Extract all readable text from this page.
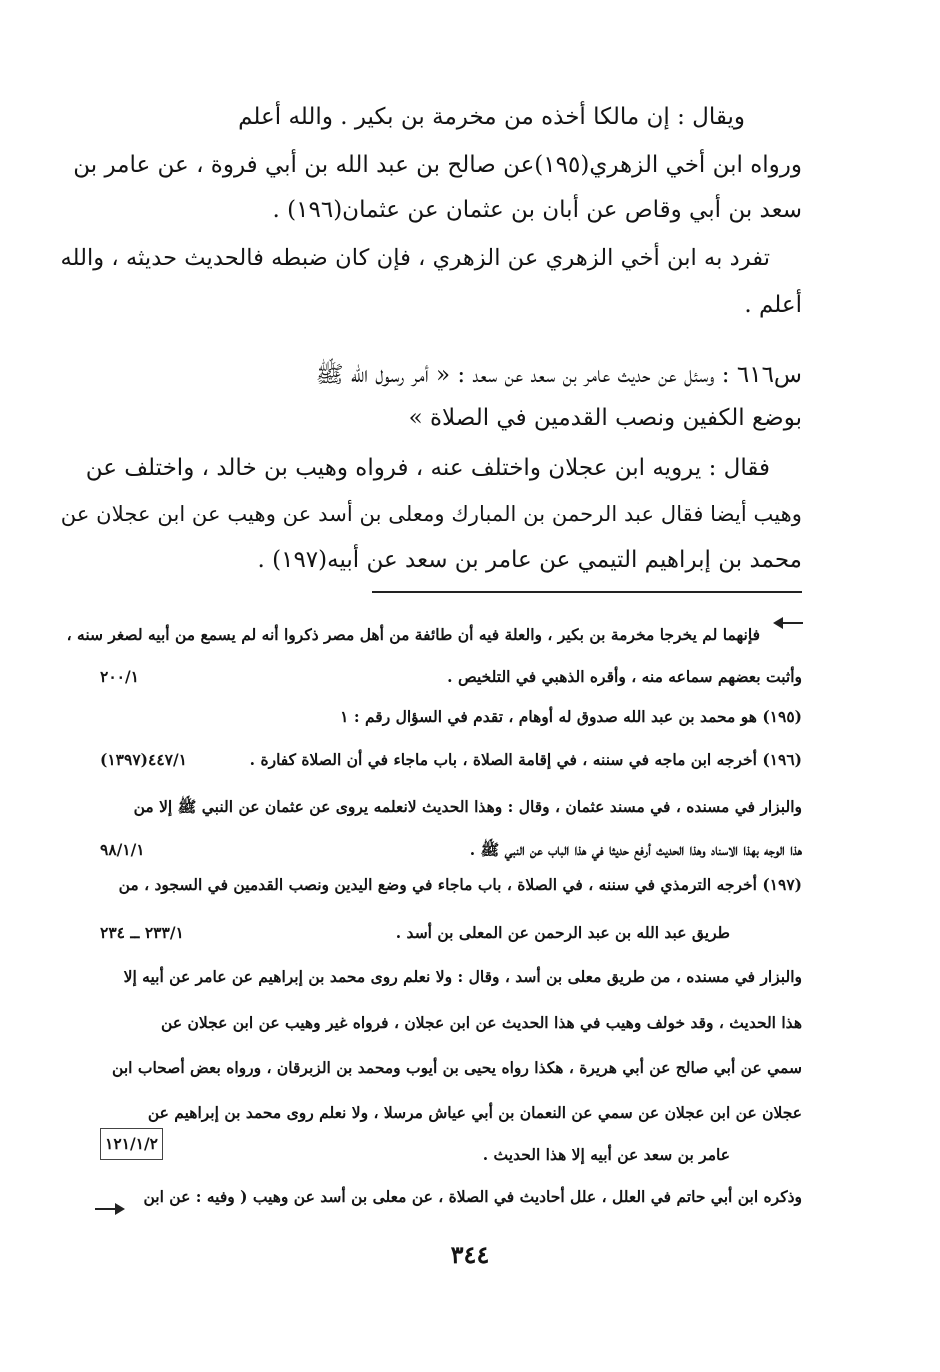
ويقال : إن مالكا أخذه من مخرمة بن بكير . والله أعلم
ورواه ابن أخي الزهري(١٩٥)عن صالح بن عبد الله بن أبي فروة ، عن عامر بن
سعد بن أبي وقاص عن أبان بن عثمان عن عثمان(١٩٦) .
تفرد به ابن أخي الزهري عن الزهري ، فإن كان ضبطه فالحديث حديثه ، والله
أعلم .
س٦١٦ : وسئل عن حديث عامر بن سعد عن سعد : « أمر رسول الله ﷺ
بوضع الكفين ونصب القدمين في الصلاة »
فقال : يرويه ابن عجلان واختلف عنه ، فرواه وهيب بن خالد ، واختلف عن
وهيب أيضا فقال عبد الرحمن بن المبارك ومعلى بن أسد عن وهيب عن ابن عجلان عن
محمد بن إبراهيم التيمي عن عامر بن سعد عن أبيه(١٩٧) .
فإنهما لم يخرجا مخرمة بن بكير ، والعلة فيه أن طائفة من أهل مصر ذكروا أنه لم يسمع من أبيه لصغر سنه ،
وأثبت بعضهم سماعه منه ، وأقره الذهبي في التلخيص .
٢٠٠/١
(١٩٥) هو محمد بن عبد الله صدوق له أوهام ، تقدم في السؤال رقم : ١
(١٩٦) أخرجه ابن ماجه في سننه ، في إقامة الصلاة ، باب ماجاء في أن الصلاة كفارة .
٤٤٧/١(١٣٩٧)
والبزار في مسنده ، في مسند عثمان ، وقال : وهذا الحديث لانعلمه يروى عن عثمان عن النبي ﷺ إلا من
هذا الوجه بهذا الاسناد وهذا الحديث أرفع حديثا في هذا الباب عن النبي ﷺ .
٩٨/١/١
(١٩٧) أخرجه الترمذي في سننه ، في الصلاة ، باب ماجاء في وضع اليدين ونصب القدمين في السجود ، من
طريق عبد الله بن عبد الرحمن عن المعلى بن أسد .
٢٣٣/١ ــ ٢٣٤
والبزار في مسنده ، من طريق معلى بن أسد ، وقال : ولا نعلم روى محمد بن إبراهيم عن عامر عن أبيه إلا
هذا الحديث ، وقد خولف وهيب في هذا الحديث عن ابن عجلان ، فرواه غير وهيب عن ابن عجلان عن
سمي عن أبي صالح عن أبي هريرة ، هكذا رواه يحيى بن أيوب ومحمد بن الزبرقان ، ورواه بعض أصحاب ابن
عجلان عن ابن عجلان عن سمي عن النعمان بن أبي عياش مرسلا ، ولا نعلم روى محمد بن إبراهيم عن
عامر بن سعد عن أبيه إلا هذا الحديث .
١٢١/١/٢
وذكره ابن أبي حاتم في العلل ، علل أحاديث في الصلاة ، عن معلى بن أسد عن وهيب ( وفيه : عن ابن
٣٤٤
